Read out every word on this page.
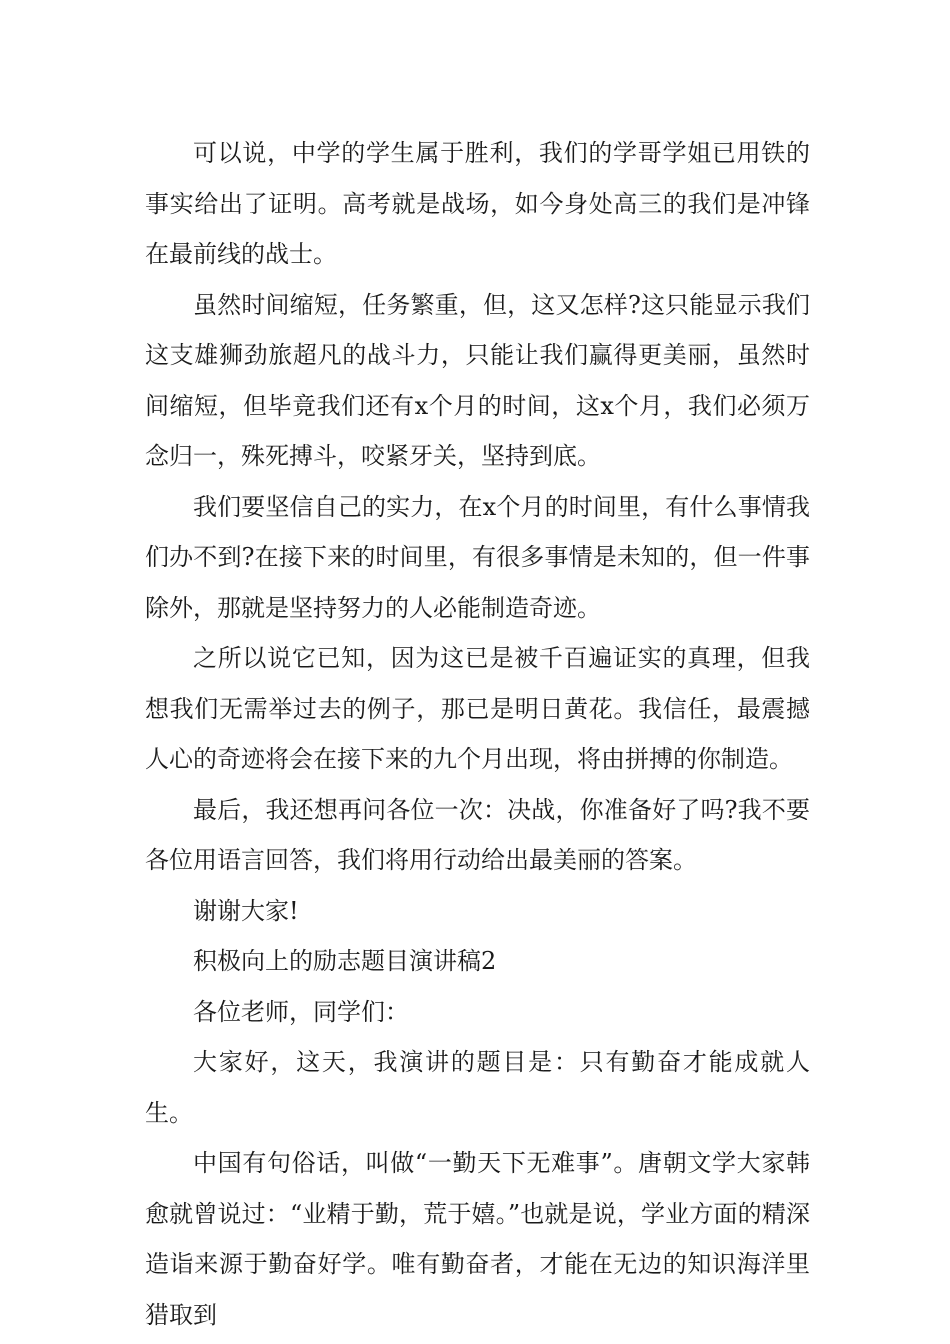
可以说，中学的学生属于胜利，我们的学哥学姐已用铁的事实给出了证明。高考就是战场，如今身处高三的我们是冲锋在最前线的战士。

虽然时间缩短，任务繁重，但，这又怎样?这只能显示我们这支雄狮劲旅超凡的战斗力，只能让我们赢得更美丽，虽然时间缩短，但毕竟我们还有x个月的时间，这x个月，我们必须万念归一，殊死搏斗，咬紧牙关，坚持到底。

我们要坚信自己的实力，在x个月的时间里，有什么事情我们办不到?在接下来的时间里，有很多事情是未知的，但一件事除外，那就是坚持努力的人必能制造奇迹。

之所以说它已知，因为这已是被千百遍证实的真理，但我想我们无需举过去的例子，那已是明日黄花。我信任，最震撼人心的奇迹将会在接下来的九个月出现，将由拼搏的你制造。

最后，我还想再问各位一次：决战，你准备好了吗?我不要各位用语言回答，我们将用行动给出最美丽的答案。

谢谢大家!

积极向上的励志题目演讲稿2

各位老师，同学们：

大家好，这天，我演讲的题目是：只有勤奋才能成就人生。

中国有句俗话，叫做“一勤天下无难事”。唐朝文学大家韩愈就曾说过：“业精于勤，荒于嬉。”也就是说，学业方面的精深造诣来源于勤奋好学。唯有勤奋者，才能在无边的知识海洋里猎取到
